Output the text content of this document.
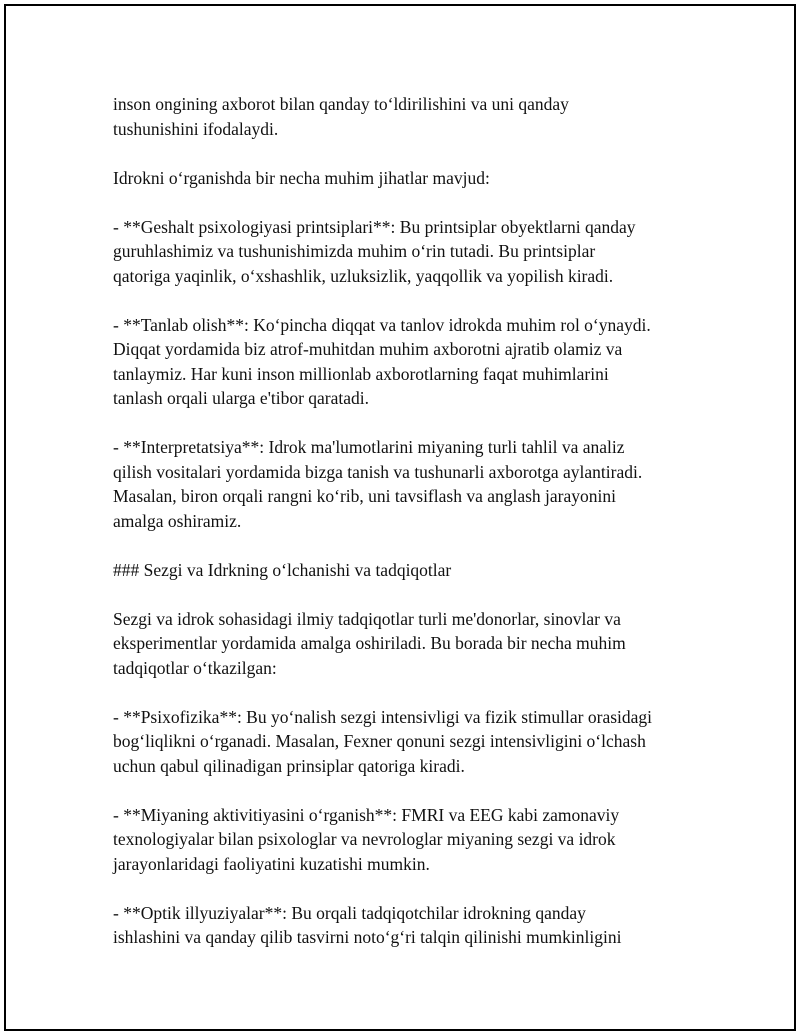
inson ongining axborot bilan qanday to‘ldirilishini va uni qanday
tushunishini ifodalaydi.
Idrokni o‘rganishda bir necha muhim jihatlar mavjud:
- **Geshalt psixologiyasi printsiplari**: Bu printsiplar obyektlarni qanday
guruhlashimiz va tushunishimizda muhim o‘rin tutadi. Bu printsiplar
qatoriga yaqinlik, o‘xshashlik, uzluksizlik, yaqqollik va yopilish kiradi.
- **Tanlab olish**: Ko‘pincha diqqat va tanlov idrokda muhim rol o‘ynaydi.
Diqqat yordamida biz atrof-muhitdan muhim axborotni ajratib olamiz va
tanlaymiz. Har kuni inson millionlab axborotlarning faqat muhimlarini
tanlash orqali ularga e'tibor qaratadi.
- **Interpretatsiya**: Idrok ma'lumotlarini miyaning turli tahlil va analiz
qilish vositalari yordamida bizga tanish va tushunarli axborotga aylantiradi.
Masalan, biron orqali rangni ko‘rib, uni tavsiflash va anglash jarayonini
amalga oshiramiz.
### Sezgi va Idrkning o‘lchanishi va tadqiqotlar
Sezgi va idrok sohasidagi ilmiy tadqiqotlar turli me'donorlar, sinovlar va
eksperimentlar yordamida amalga oshiriladi. Bu borada bir necha muhim
tadqiqotlar o‘tkazilgan:
- **Psixofizika**: Bu yo‘nalish sezgi intensivligi va fizik stimullar orasidagi
bog‘liqlikni o‘rganadi. Masalan, Fexner qonuni sezgi intensivligini o‘lchash
uchun qabul qilinadigan prinsiplar qatoriga kiradi.
- **Miyaning aktivitiyasini o‘rganish**: FMRI va EEG kabi zamonaviy
texnologiyalar bilan psixologlar va nevrologlar miyaning sezgi va idrok
jarayonlaridagi faoliyatini kuzatishi mumkin.
- **Optik illyuziyalar**: Bu orqali tadqiqotchilar idrokning qanday
ishlashini va qanday qilib tasvirni noto‘g‘ri talqin qilinishi mumkinligini
